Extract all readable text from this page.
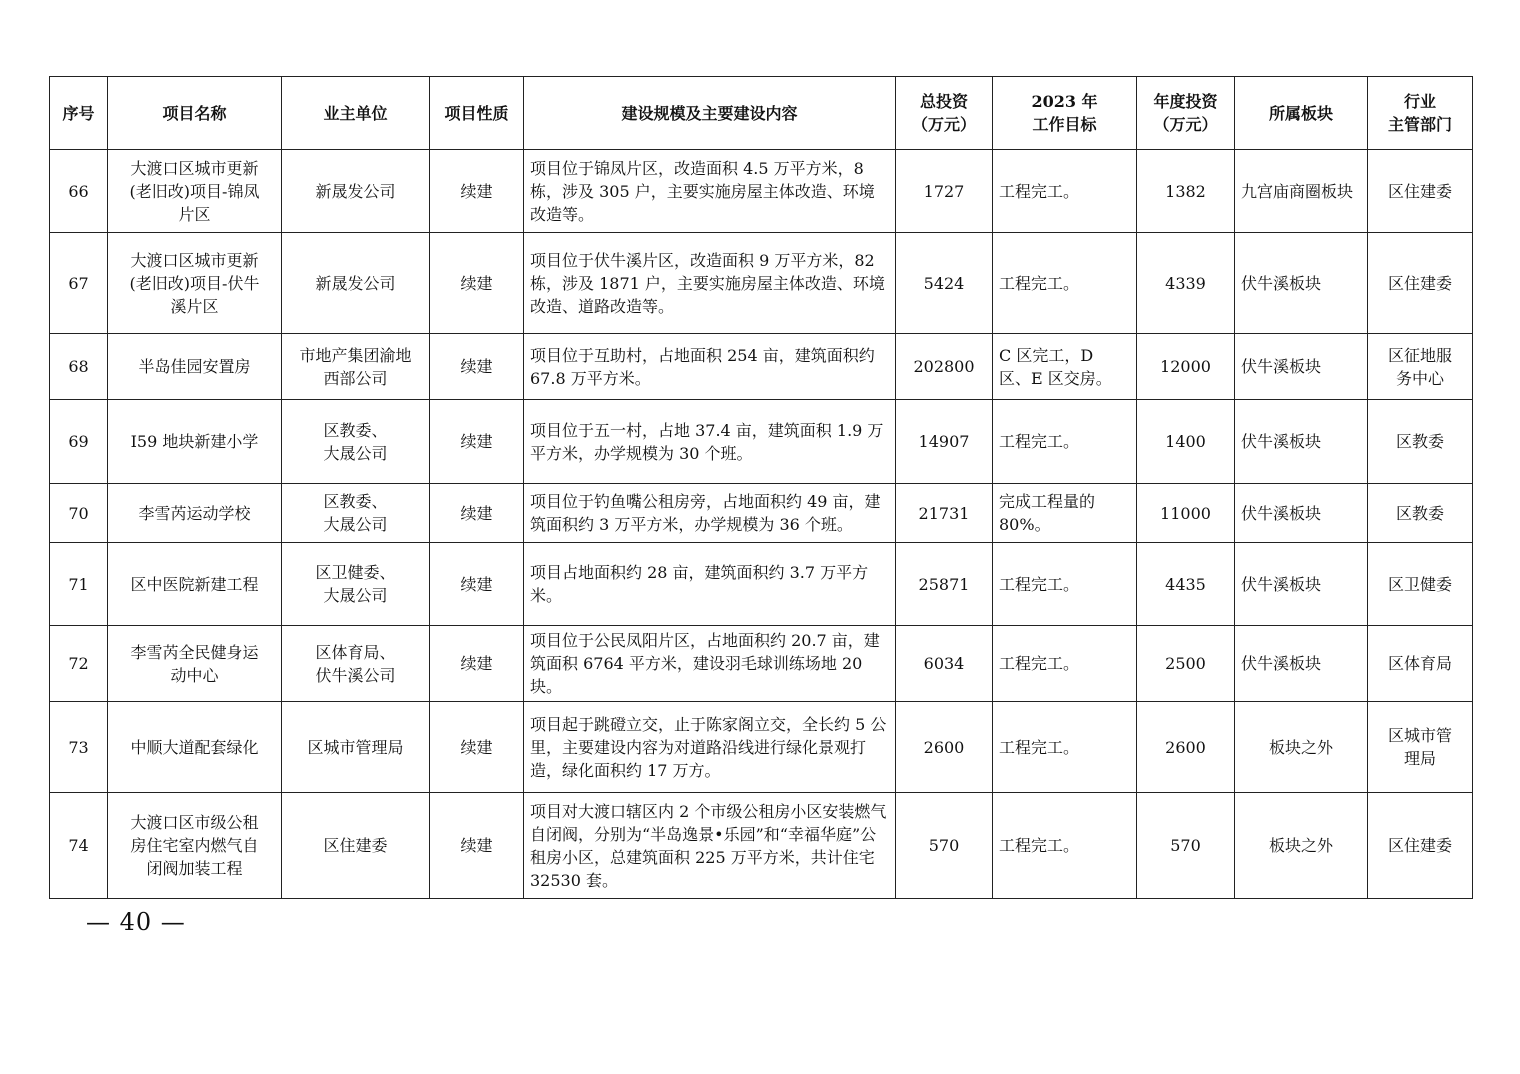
序号	项目名称	业主单位	项目性质	建设规模及主要建设内容	总投资
（万元）	2023 年
工作目标	年度投资
（万元）	所属板块	行业
主管部门
66	大渡口区城市更新
(老旧改)项目-锦凤
片区	新晟发公司	续建	项目位于锦凤片区，改造面积 4.5 万平方米，8 栋，涉及 305 户，主要实施房屋主体改造、环境改造等。	1727	工程完工。	1382	九宫庙商圈板块	区住建委
67	大渡口区城市更新
(老旧改)项目-伏牛
溪片区	新晟发公司	续建	项目位于伏牛溪片区，改造面积 9 万平方米，82 栋，涉及 1871 户，主要实施房屋主体改造、环境改造、道路改造等。	5424	工程完工。	4339	伏牛溪板块	区住建委
68	半岛佳园安置房	市地产集团渝地
西部公司	续建	项目位于互助村，占地面积 254 亩，建筑面积约 67.8 万平方米。	202800	C 区完工，D 区、E 区交房。	12000	伏牛溪板块	区征地服
务中心
69	I59 地块新建小学	区教委、
大晟公司	续建	项目位于五一村，占地 37.4 亩，建筑面积 1.9 万平方米，办学规模为 30 个班。	14907	工程完工。	1400	伏牛溪板块	区教委
70	李雪芮运动学校	区教委、
大晟公司	续建	项目位于钓鱼嘴公租房旁，占地面积约 49 亩，建筑面积约 3 万平方米，办学规模为 36 个班。	21731	完成工程量的 80%。	11000	伏牛溪板块	区教委
71	区中医院新建工程	区卫健委、
大晟公司	续建	项目占地面积约 28 亩，建筑面积约 3.7 万平方米。	25871	工程完工。	4435	伏牛溪板块	区卫健委
72	李雪芮全民健身运
动中心	区体育局、
伏牛溪公司	续建	项目位于公民凤阳片区，占地面积约 20.7 亩，建筑面积 6764 平方米，建设羽毛球训练场地 20 块。	6034	工程完工。	2500	伏牛溪板块	区体育局
73	中顺大道配套绿化	区城市管理局	续建	项目起于跳磴立交，止于陈家阁立交，全长约 5 公里，主要建设内容为对道路沿线进行绿化景观打造，绿化面积约 17 万方。	2600	工程完工。	2600	板块之外	区城市管
理局
74	大渡口区市级公租
房住宅室内燃气自
闭阀加装工程	区住建委	续建	项目对大渡口辖区内 2 个市级公租房小区安装燃气自闭阀，分别为“半岛逸景•乐园”和“幸福华庭”公租房小区，总建筑面积 225 万平方米，共计住宅 32530 套。	570	工程完工。	570	板块之外	区住建委
— 40 —
